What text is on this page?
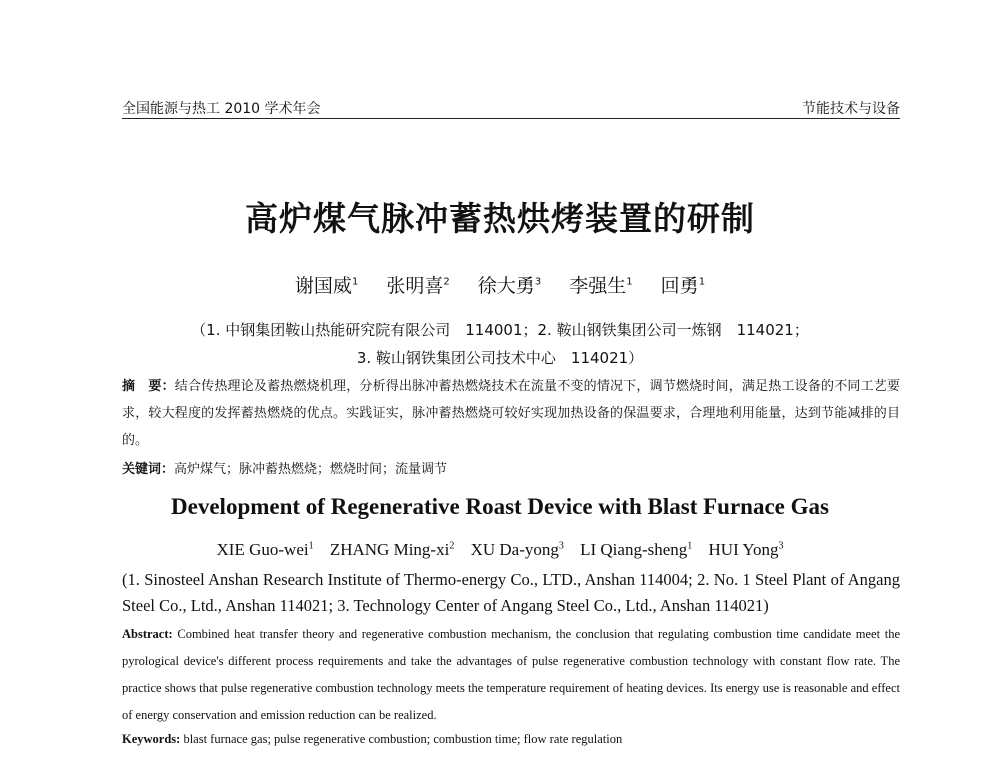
全国能源与热工 2010 学术年会	节能技术与设备
高炉煤气脉冲蓄热烘烤装置的研制
谢国威$^1$ 张明喜$^2$ 徐大勇$^3$ 李强生$^1$ 回勇$^1$
（1. 中钢集团鞍山热能研究院有限公司　114001；2. 鞍山钢铁集团公司一炼钢　114021；
3. 鞍山钢铁集团公司技术中心　114021）
摘　要：结合传热理论及蓄热燃烧机理，分析得出脉冲蓄热燃烧技术在流量不变的情况下，调节燃烧时间，满足热工设备的不同工艺要求，较大程度的发挥蓄热燃烧的优点。实践证实，脉冲蓄热燃烧可较好实现加热设备的保温要求，合理地利用能量，达到节能减排的目的。
关键词：高炉煤气；脉冲蓄热燃烧；燃烧时间；流量调节
Development of Regenerative Roast Device with Blast Furnace Gas
XIE Guo-wei$^1$ ZHANG Ming-$xi^2$ XU Da-yong$^3$ LI Qiang-sheng$^1$ HUI Yong$^3$
(1. Sinosteel Anshan Research Institute of Thermo-energy Co., LTD., Anshan 114004; 2. No. 1 Steel Plant of Angang Steel Co., Ltd., Anshan 114021; 3. Technology Center of Angang Steel Co., Ltd., Anshan 114021)
Abstract: Combined heat transfer theory and regenerative combustion mechanism, the conclusion that regulating combustion time candidate meet the pyrological device's different process requirements and take the advantages of pulse regenerative combustion technology with constant flow rate. The practice shows that pulse regenerative combustion technology meets the temperature requirement of heating devices. Its energy use is reasonable and effect of energy conservation and emission reduction can be realized.
Keywords: blast furnace gas; pulse regenerative combustion; combustion time; flow rate regulation
